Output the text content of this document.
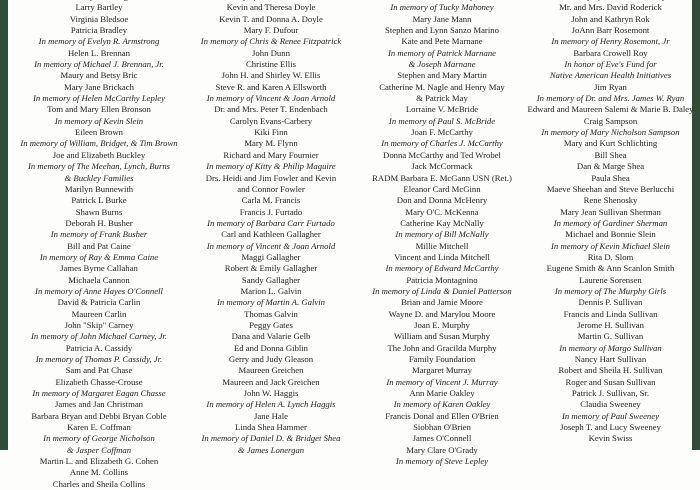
Larry Bartley
Virginia Bledsoe
Patricia Bradley
In memory of Evelyn R. Armstrong
Helen L. Brennan
In memory of Michael J. Brennan, Jr.
Maury and Betsy Bric
Mary Jane Brickach
In memory of Helen McCarthy Lepley
Tom and Mary Ellen Bronson
In memory of Kevin Slein
Eileen Brown
In memory of William, Bridget, & Tim Brown
Joe and Elizabeth Buckley
In memory of The Meehan, Lynch, Burns
& Buckley Families
Marilyn Bunnewith
Patrick L Burke
Shawn Burns
Deborah H. Busher
In memory of Frank Busher
Bill and Pat Caine
In memory of Ray & Emma Caine
James Byrne Callahan
Michaela Cannon
In memory of Anne Hayes O'Connell
David & Patricia Carlin
Maureen Carlin
John "Skip" Carney
In memory of John Michael Carney, Jr.
Patricia A. Cassidy
In memory of Thomas P. Cassidy, Jr.
Sam and Pat Chase
Elizabeth Chasse-Crouse
In memory of Margaret Eagan Chasse
James and Jan Christman
Barbara Bryan and Debbi Bryan Coble
Karen E. Coffman
In memory of George Nicholson
& Jasper Coffman
Martin L. and Elizabeth G. Cohen
Anne M. Collins
Charles and Sheila Collins
Kevin and Theresa Doyle
Kevin T. and Donna A. Doyle
Mary F. Dufour
In memory of Chris & Renee Fitzpatrick
John Dunn
Christine Ellis
John H. and Shirley W. Ellis
Steve R. and Karen A Ellsworth
In memory of Vincent & Joan Arnold
Dr. and Mrs. Peter T. Endenbach
Carolyn Evans-Carbery
Kiki Finn
Mary M. Flynn
Richard and Mary Fournier
In memory of Kitty & Philip Maguire
Drs. Heidi and Jim Fowler and Kevin
and Connor Fowler
Carla M. Francis
Francis J. Furtado
In memory of Barbara Carr Furtado
Carl and Kathleen Gallagher
In memory of Vincent & Joan Arnold
Maggi Gallagher
Robert & Emily Gallagher
Sandy Gallagher
Marion L. Galvin
In memory of Martin A. Galvin
Thomas Galvin
Peggy Gates
Dana and Valarie Gelb
Ed and Donna Giblin
Gerry and Judy Gleason
Maureen Greichen
Maureen and Jack Greichen
John W. Haggis
In memory of Helen A. Lynch Haggis
Jane Hale
Linda Shea Hammer
In memory of Daniel D. & Bridget Shea
& James Lonergan
In memory of Tucky Mahoney
Mary Jane Mann
Stephen and Lynn Sanzo Marino
Kate and Pete Marnane
In memory of Patrick Marnane
& Joseph Marnane
Stephen and Mary Martin
Catherine M. Nagle and Henry May
& Patrick May
Lorraine V. McBride
In memory of Paul S. McBride
Joan F. McCarthy
In memory of Charles J. McCarthy
Donna McCarthy and Ted Wrobel
Jack McCormack
RADM Barbara E. McGann USN (Ret.)
Eleanor Card McGinn
Don and Donna McHenry
Mary O'C. McKenna
Catherine Kay McNally
In memory of Bill McNally
Millie Mitchell
Vincent and Linda Mitchell
In memory of Edward McCarthy
Patricia Montagnino
In memory of Linda & Daniel Patterson
Brian and Jamie Moore
Wayne D. and Marylou Moore
Joan E. Murphy
William and Susan Murphy
The John and Gracilda Murphy
Family Foundation
Margaret Murray
In memory of Vincent J. Murray
Ann Marie Oakley
In memory of Karen Oakley
Francis Donal and Ellen O'Brien
Siobhan O'Brien
James O'Connell
Mary Clare O'Grady
In memory of Steve Lepley
Mr. and Mrs. David Roderick
John and Kathryn Rok
JoAnn Barr Rosemont
In memory of Henry Rosemont, Jr
Barbara Crowell Roy
In honor of Eve's Fund for
Native American Health Initiatives
Jim Ryan
In memory of Dr. and Mrs. James W. Ryan
Edward and Maureen Salemi & Marie B. Daley
Craig Sampson
In memory of Mary Nicholson Sampson
Mary and Kurt Schlichting
Bill Shea
Dan & Marge Shea
Paula Shea
Maeve Sheehan and Steve Berlucchi
Rene Shenosky
Mary Jean Sullivan Sherman
In memory of Gardiner Sherman
Michael and Bonnie Slein
In memory of Kevin Michael Slein
Rita D. Slom
Eugene Smith & Ann Scanlon Smith
Laurene Sorensen
In memory of The Murphy Girls
Dennis P. Sullivan
Francis and Linda Sullivan
Jerome H. Sullivan
Martin G. Sullivan
In memory of Margo Sullivan
Nancy Hart Sullivan
Robert and Sheila H. Sullivan
Roger and Susan Sullivan
Patrick J. Sullivan, Sr.
Claudia Sweeney
In memory of Paul Sweeney
Joseph T. and Lucy Sweeney
Kevin Swiss
